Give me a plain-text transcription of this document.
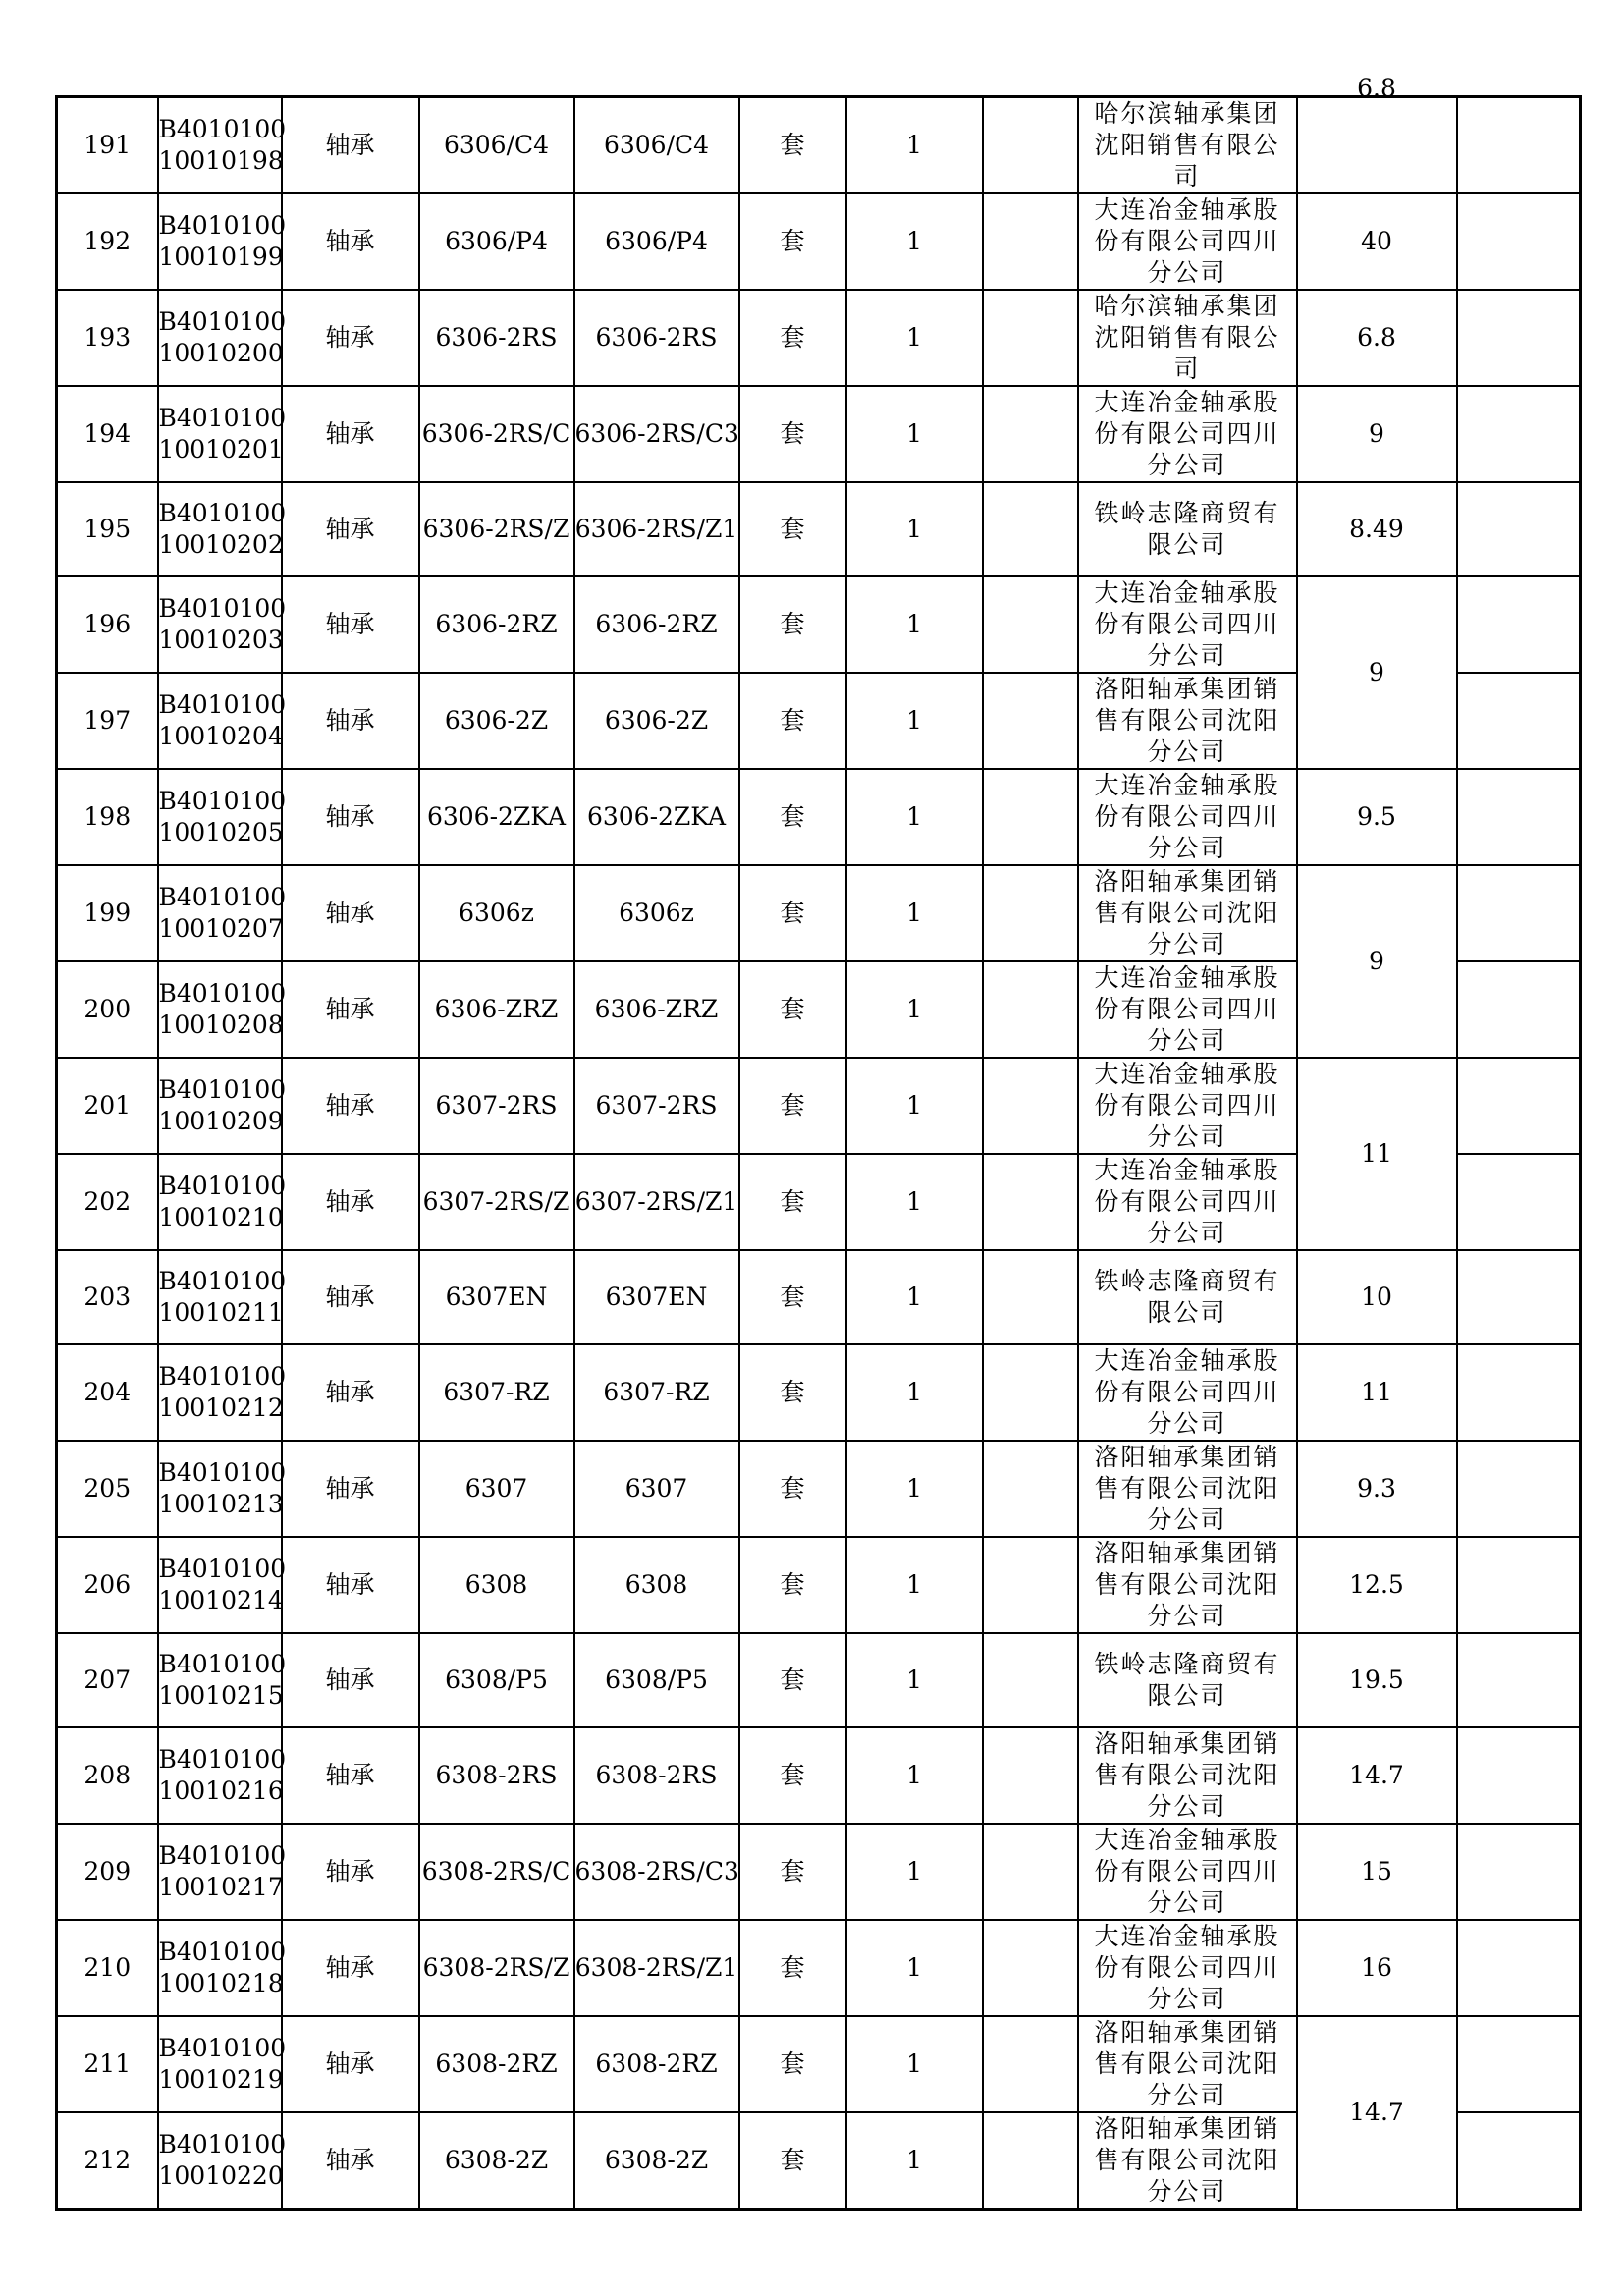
191	B4010100
10010198	轴承	6306/C4	6306/C4	套	1		哈尔滨轴承集团
沈阳销售有限公
司	6.8	

192	B4010100
10010199	轴承	6306/P4	6306/P4	套	1		大连冶金轴承股
份有限公司四川
分公司	40	
193	B4010100
10010200	轴承	6306-2RS	6306-2RS	套	1		哈尔滨轴承集团
沈阳销售有限公
司	6.8	
194	B4010100
10010201	轴承	6306-2RS/C	6306-2RS/C3	套	1		大连冶金轴承股
份有限公司四川
分公司	9	
195	B4010100
10010202	轴承	6306-2RS/Z	6306-2RS/Z1	套	1		铁岭志隆商贸有
限公司	8.49	
196	B4010100
10010203	轴承	6306-2RZ	6306-2RZ	套	1		大连冶金轴承股
份有限公司四川
分公司	9	
197	B4010100
10010204	轴承	6306-2Z	6306-2Z	套	1		洛阳轴承集团销
售有限公司沈阳
分公司		

198	B4010100
10010205	轴承	6306-2ZKA	6306-2ZKA	套	1		大连冶金轴承股
份有限公司四川
分公司	9.5	
199	B4010100
10010207	轴承	6306z	6306z	套	1		洛阳轴承集团销
售有限公司沈阳
分公司	9	
200	B4010100
10010208	轴承	6306-ZRZ	6306-ZRZ	套	1		大连冶金轴承股
份有限公司四川
分公司		

201	B4010100
10010209	轴承	6307-2RS	6307-2RS	套	1		大连冶金轴承股
份有限公司四川
分公司	11	
202	B4010100
10010210	轴承	6307-2RS/Z	6307-2RS/Z1	套	1		大连冶金轴承股
份有限公司四川
分公司		

203	B4010100
10010211	轴承	6307EN	6307EN	套	1		铁岭志隆商贸有
限公司	10	
204	B4010100
10010212	轴承	6307-RZ	6307-RZ	套	1		大连冶金轴承股
份有限公司四川
分公司	11	
205	B4010100
10010213	轴承	6307	6307	套	1		洛阳轴承集团销
售有限公司沈阳
分公司	9.3	
206	B4010100
10010214	轴承	6308	6308	套	1		洛阳轴承集团销
售有限公司沈阳
分公司	12.5	
207	B4010100
10010215	轴承	6308/P5	6308/P5	套	1		铁岭志隆商贸有
限公司	19.5	
208	B4010100
10010216	轴承	6308-2RS	6308-2RS	套	1		洛阳轴承集团销
售有限公司沈阳
分公司	14.7	
209	B4010100
10010217	轴承	6308-2RS/C	6308-2RS/C3	套	1		大连冶金轴承股
份有限公司四川
分公司	15	
210	B4010100
10010218	轴承	6308-2RS/Z	6308-2RS/Z1	套	1		大连冶金轴承股
份有限公司四川
分公司	16	
211	B4010100
10010219	轴承	6308-2RZ	6308-2RZ	套	1		洛阳轴承集团销
售有限公司沈阳
分公司	14.7	
212	B4010100
10010220	轴承	6308-2Z	6308-2Z	套	1		洛阳轴承集团销
售有限公司沈阳
分公司		
